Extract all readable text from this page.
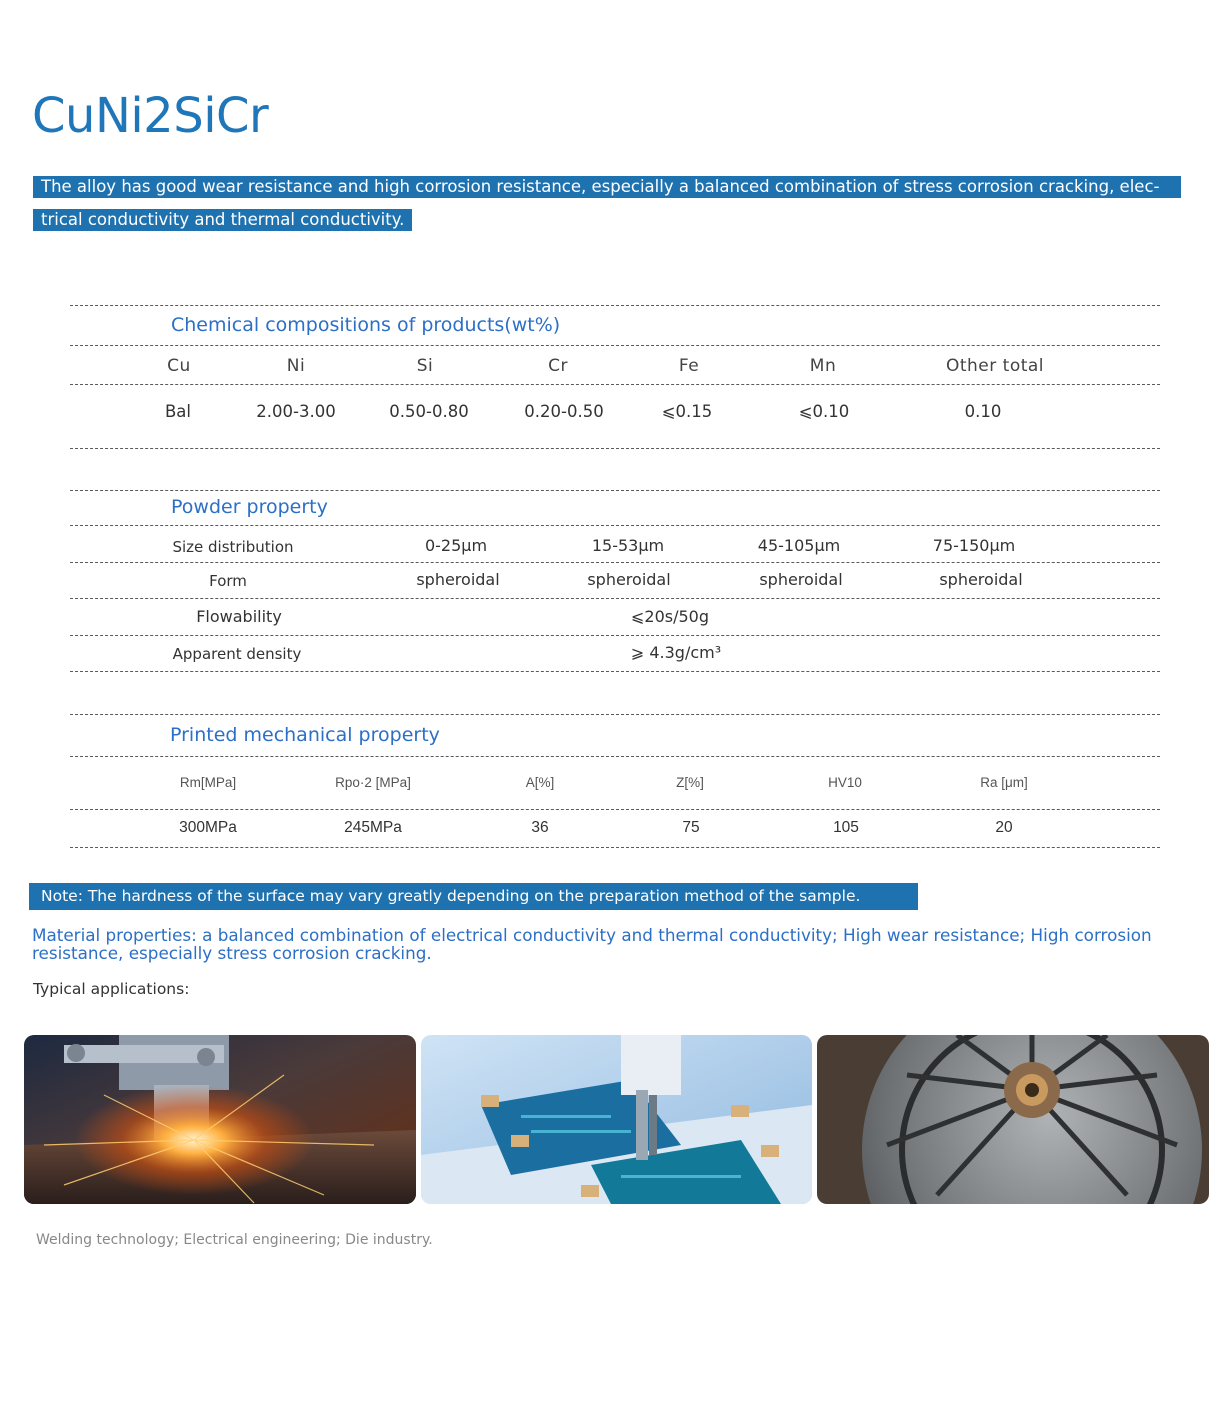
CuNi2SiCr
The alloy has good wear resistance and high corrosion resistance, especially a balanced combination of stress corrosion cracking, elec-
trical conductivity and thermal conductivity.
Chemical compositions of products(wt%)
Cu	Ni	Si	Cr	Fe	Mn	Other total
Bal	2.00-3.00	0.50-0.80	0.20-0.50	⩽0.15	⩽0.10	0.10
Powder property
Size distribution	0-25μm	15-53μm	45-105μm	75-150μm
Form	spheroidal	spheroidal	spheroidal	spheroidal
Flowability	⩽20s/50g
Apparent density	⩾ 4.3g/cm³
Printed mechanical property
Rm[MPa]	Rpo·2 [MPa]	A[%]	Z[%]	HV10	Ra [μm]
300MPa	245MPa	36	75	105	20
Note: The hardness of the surface may vary greatly depending on the preparation method of the sample.

Material properties: a balanced combination of electrical conductivity and thermal conductivity; High wear resistance; High corrosion resistance, especially stress corrosion cracking.

Typical applications:
Welding technology; Electrical engineering; Die industry.
